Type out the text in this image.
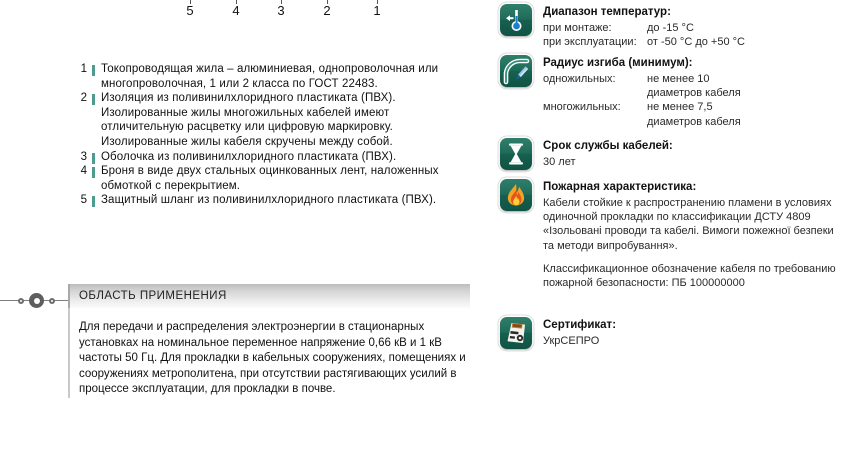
5	4	3	2	1
1 Токопроводящая жила – алюминиевая, однопроволочная или многопроволочная, 1 или 2 класса по ГОСТ 22483.
2 Изоляция из поливинилхлоридного пластиката (ПВХ). Изолированные жилы многожильных кабелей имеют отличительную расцветку или цифровую маркировку. Изолированные жилы кабеля скручены между собой.
3 Оболочка из поливинилхлоридного пластиката (ПВХ).
4 Броня в виде двух стальных оцинкованных лент, наложенных обмоткой с перекрытием.
5 Защитный шланг из поливинилхлоридного пластиката (ПВХ).
ОБЛАСТЬ ПРИМЕНЕНИЯ
Для передачи и распределения электроэнергии в стационарных установках на номинальное переменное напряжение 0,66 кВ и 1 кВ частоты 50 Гц. Для прокладки в кабельных сооружениях, помещениях и сооружениях метрополитена, при отсутствии растягивающих усилий в процессе эксплуатации, для прокладки в почве.
Диапазон температур:
при монтаже:	до -15 °С
при эксплуатации: от -50 °С до +50 °С
Радиус изгиба (минимум):
одножильных:	не менее 10
диаметров кабеля
многожильных:	не менее 7,5
диаметров кабеля
Срок службы кабелей:
30 лет
Пожарная характеристика:
Кабели стойкие к распространению пламени в условиях одиночной прокладки по классификации ДСТУ 4809 «Ізольовані проводи та кабелі. Вимоги пожежної безпеки та методи випробування».
Классификационное обозначение кабеля по требованию пожарной безопасности: ПБ 100000000
Сертификат:
УкрСЕПРО
